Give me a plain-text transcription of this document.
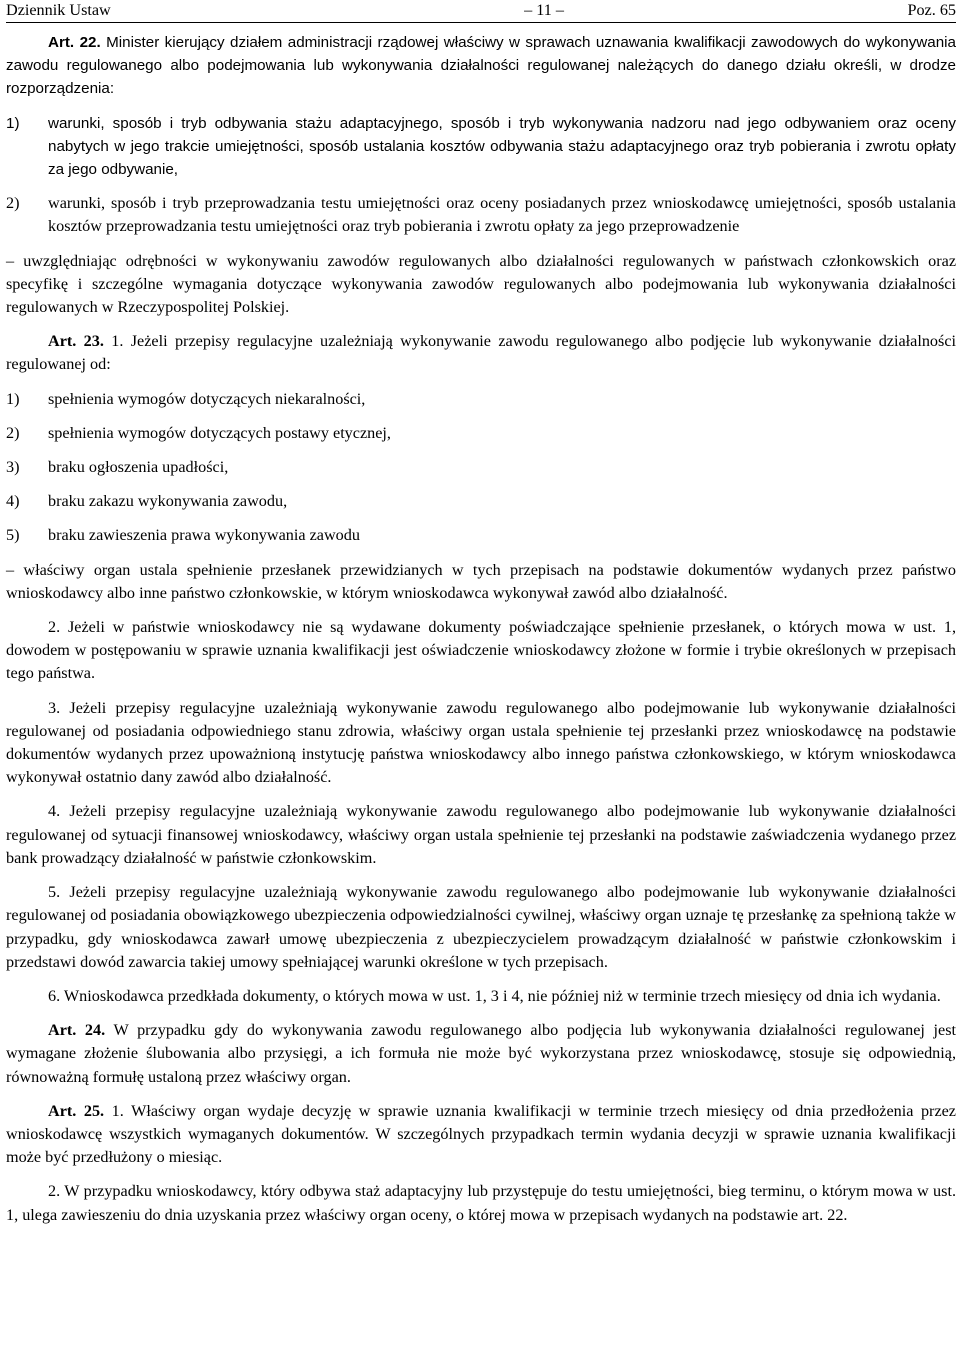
Dziennik Ustaw	– 11 –	Poz. 65

Art. 22. Minister kierujący działem administracji rządowej właściwy w sprawach uznawania kwalifikacji zawodowych do wykonywania zawodu regulowanego albo podejmowania lub wykonywania działalności regulowanej należących do danego działu określi, w drodze rozporządzenia:

1)	warunki, sposób i tryb odbywania stażu adaptacyjnego, sposób i tryb wykonywania nadzoru nad jego odbywaniem oraz oceny nabytych w jego trakcie umiejętności, sposób ustalania kosztów odbywania stażu adaptacyjnego oraz tryb pobierania i zwrotu opłaty za jego odbywanie,
2)	warunki, sposób i tryb przeprowadzania testu umiejętności oraz oceny posiadanych przez wnioskodawcę umiejętności, sposób ustalania kosztów przeprowadzania testu umiejętności oraz tryb pobierania i zwrotu opłaty za jego przeprowadzenie

– uwzględniając odrębności w wykonywaniu zawodów regulowanych albo działalności regulowanych w państwach członkowskich oraz specyfikę i szczególne wymagania dotyczące wykonywania zawodów regulowanych albo podejmowania lub wykonywania działalności regulowanych w Rzeczypospolitej Polskiej.

Art. 23. 1. Jeżeli przepisy regulacyjne uzależniają wykonywanie zawodu regulowanego albo podjęcie lub wykonywanie działalności regulowanej od:

1)	spełnienia wymogów dotyczących niekaralności,
2)	spełnienia wymogów dotyczących postawy etycznej,
3)	braku ogłoszenia upadłości,
4)	braku zakazu wykonywania zawodu,
5)	braku zawieszenia prawa wykonywania zawodu

– właściwy organ ustala spełnienie przesłanek przewidzianych w tych przepisach na podstawie dokumentów wydanych przez państwo wnioskodawcy albo inne państwo członkowskie, w którym wnioskodawca wykonywał zawód albo działalność.

2. Jeżeli w państwie wnioskodawcy nie są wydawane dokumenty poświadczające spełnienie przesłanek, o których mowa w ust. 1, dowodem w postępowaniu w sprawie uznania kwalifikacji jest oświadczenie wnioskodawcy złożone w formie i trybie określonych w przepisach tego państwa.

3. Jeżeli przepisy regulacyjne uzależniają wykonywanie zawodu regulowanego albo podejmowanie lub wykonywanie działalności regulowanej od posiadania odpowiedniego stanu zdrowia, właściwy organ ustala spełnienie tej przesłanki przez wnioskodawcę na podstawie dokumentów wydanych przez upoważnioną instytucję państwa wnioskodawcy albo innego państwa członkowskiego, w którym wnioskodawca wykonywał ostatnio dany zawód albo działalność.

4. Jeżeli przepisy regulacyjne uzależniają wykonywanie zawodu regulowanego albo podejmowanie lub wykonywanie działalności regulowanej od sytuacji finansowej wnioskodawcy, właściwy organ ustala spełnienie tej przesłanki na podstawie zaświadczenia wydanego przez bank prowadzący działalność w państwie członkowskim.

5. Jeżeli przepisy regulacyjne uzależniają wykonywanie zawodu regulowanego albo podejmowanie lub wykonywanie działalności regulowanej od posiadania obowiązkowego ubezpieczenia odpowiedzialności cywilnej, właściwy organ uznaje tę przesłankę za spełnioną także w przypadku, gdy wnioskodawca zawarł umowę ubezpieczenia z ubezpieczycielem prowadzącym działalność w państwie członkowskim i przedstawi dowód zawarcia takiej umowy spełniającej warunki określone w tych przepisach.

6. Wnioskodawca przedkłada dokumenty, o których mowa w ust. 1, 3 i 4, nie później niż w terminie trzech miesięcy od dnia ich wydania.

Art. 24. W przypadku gdy do wykonywania zawodu regulowanego albo podjęcia lub wykonywania działalności regulowanej jest wymagane złożenie ślubowania albo przysięgi, a ich formuła nie może być wykorzystana przez wnioskodawcę, stosuje się odpowiednią, równoważną formułę ustaloną przez właściwy organ.

Art. 25. 1. Właściwy organ wydaje decyzję w sprawie uznania kwalifikacji w terminie trzech miesięcy od dnia przedłożenia przez wnioskodawcę wszystkich wymaganych dokumentów. W szczególnych przypadkach termin wydania decyzji w sprawie uznania kwalifikacji może być przedłużony o miesiąc.

2. W przypadku wnioskodawcy, który odbywa staż adaptacyjny lub przystępuje do testu umiejętności, bieg terminu, o którym mowa w ust. 1, ulega zawieszeniu do dnia uzyskania przez właściwy organ oceny, o której mowa w przepisach wydanych na podstawie art. 22.
